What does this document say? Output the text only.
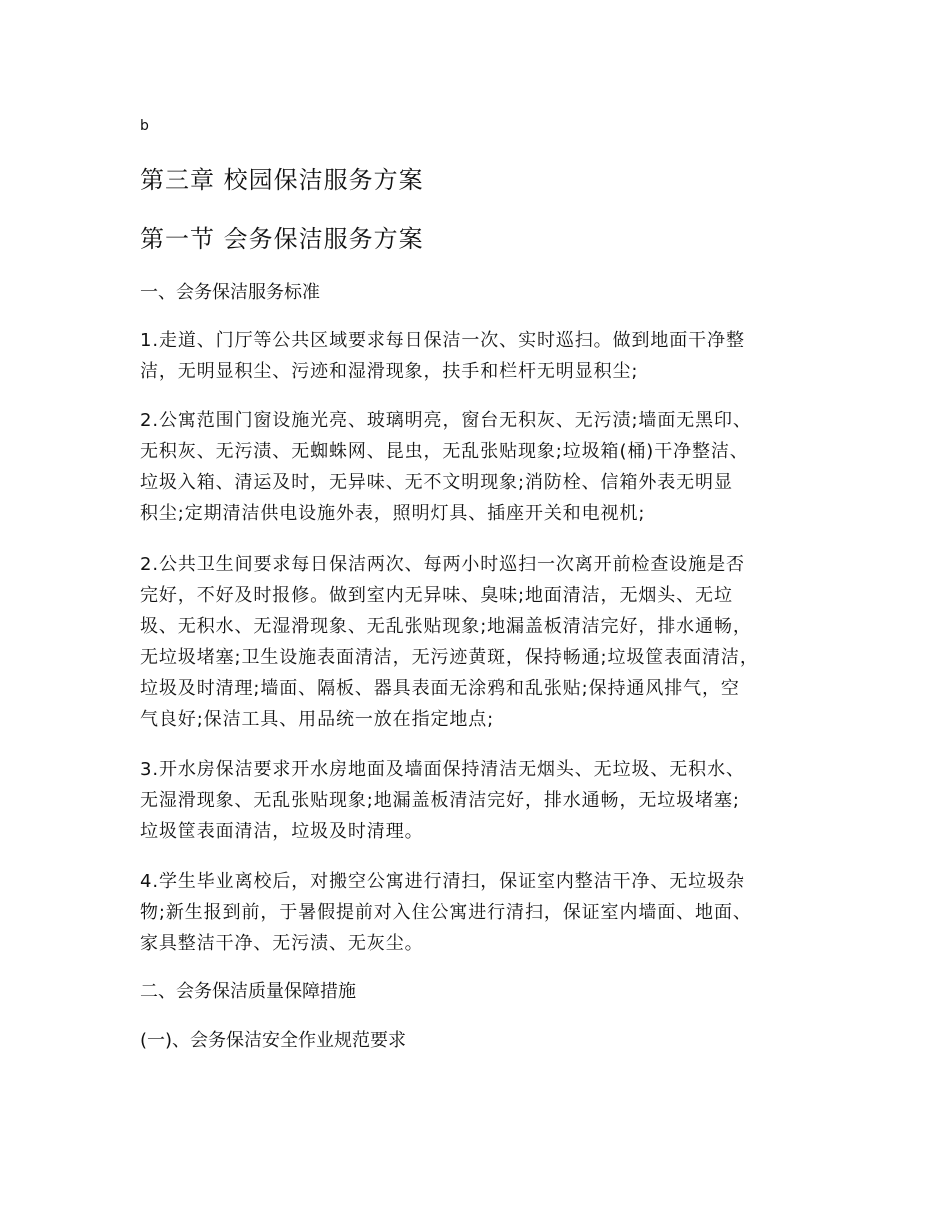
b
第三章 校园保洁服务方案
第一节 会务保洁服务方案
一、会务保洁服务标准
1.走道、门厅等公共区域要求每日保洁一次、实时巡扫。做到地面干净整
洁，无明显积尘、污迹和湿滑现象，扶手和栏杆无明显积尘;
2.公寓范围门窗设施光亮、玻璃明亮，窗台无积灰、无污渍;墙面无黑印、
无积灰、无污渍、无蜘蛛网、昆虫，无乱张贴现象;垃圾箱(桶)干净整洁、
垃圾入箱、清运及时，无异味、无不文明现象;消防栓、信箱外表无明显
积尘;定期清洁供电设施外表，照明灯具、插座开关和电视机;
2.公共卫生间要求每日保洁两次、每两小时巡扫一次离开前检查设施是否
完好，不好及时报修。做到室内无异味、臭味;地面清洁，无烟头、无垃
圾、无积水、无湿滑现象、无乱张贴现象;地漏盖板清洁完好，排水通畅，
无垃圾堵塞;卫生设施表面清洁，无污迹黄斑，保持畅通;垃圾筐表面清洁，
垃圾及时清理;墙面、隔板、器具表面无涂鸦和乱张贴;保持通风排气，空
气良好;保洁工具、用品统一放在指定地点;
3.开水房保洁要求开水房地面及墙面保持清洁无烟头、无垃圾、无积水、
无湿滑现象、无乱张贴现象;地漏盖板清洁完好，排水通畅，无垃圾堵塞;
垃圾筐表面清洁，垃圾及时清理。
4.学生毕业离校后，对搬空公寓进行清扫，保证室内整洁干净、无垃圾杂
物;新生报到前，于暑假提前对入住公寓进行清扫，保证室内墙面、地面、
家具整洁干净、无污渍、无灰尘。
二、会务保洁质量保障措施
(一)、会务保洁安全作业规范要求
